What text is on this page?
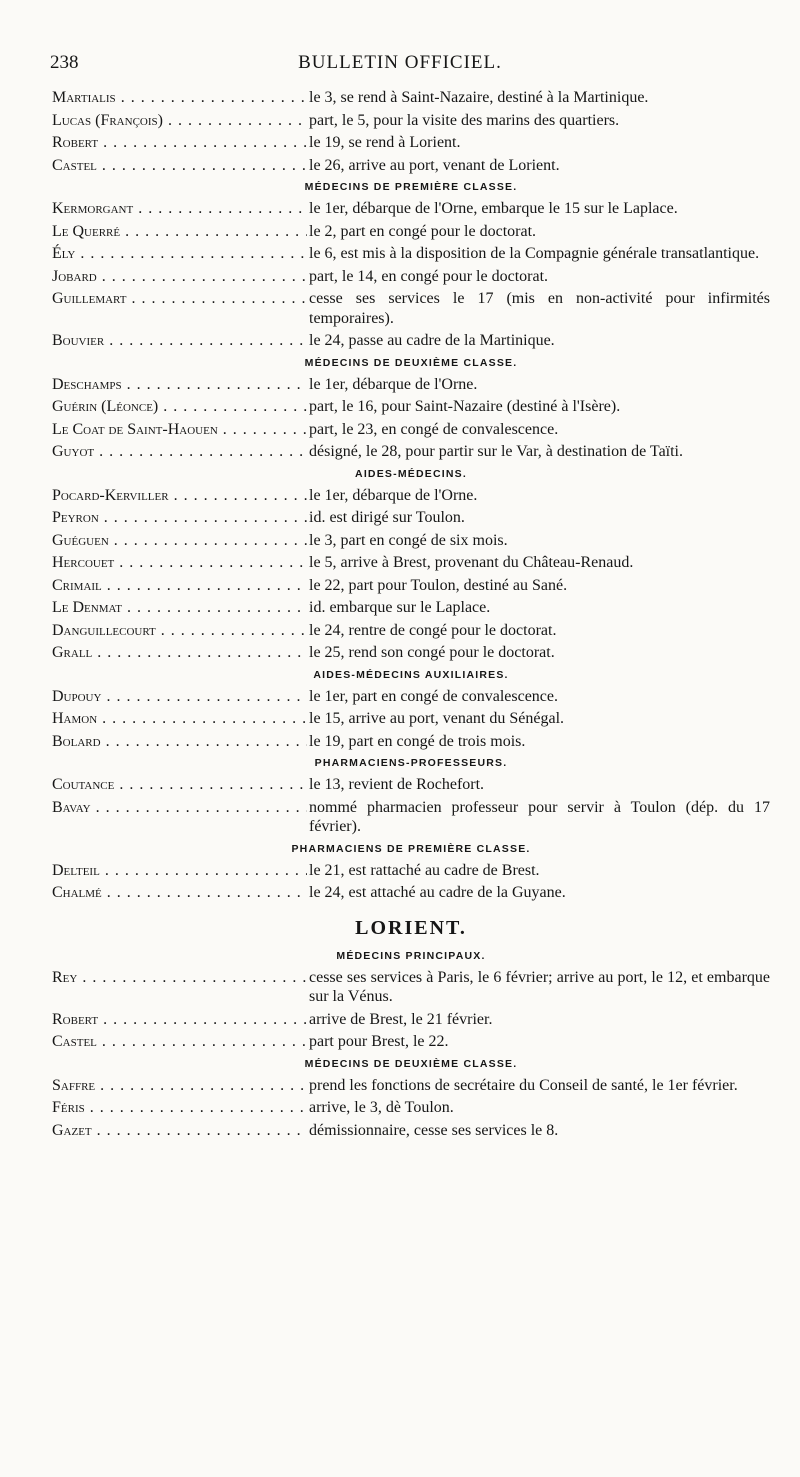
238	BULLETIN OFFICIEL.
Martialis . . .	le 3, se rend à Saint-Nazaire, destiné à la Martinique.
Lucas (François) . . .	part, le 5, pour la visite des marins des quartiers.
Robert . . .	le 19, se rend à Lorient.
Castel . . .	le 26, arrive au port, venant de Lorient.
MÉDECINS DE PREMIÈRE CLASSE.
Kermorgant . . .	le 1er, débarque de l'Orne, embarque le 15 sur le Laplace.
Le Querré . . .	le 2, part en congé pour le doctorat.
Ély . . .	le 6, est mis à la disposition de la Compagnie générale transatlantique.
Jobard . . .	part, le 14, en congé pour le doctorat.
Guillemart . . .	cesse ses services le 17 (mis en non-activité pour infirmités temporaires).
Bouvier . . .	le 24, passe au cadre de la Martinique.
MÉDECINS DE DEUXIÈME CLASSE.
Deschamps . . .	le 1er, débarque de l'Orne.
Guérin (Léonce) . . .	part, le 16, pour Saint-Nazaire (destiné à l'Isère).
Le Coat de Saint-Haouen . . .	part, le 23, en congé de convalescence.
Guyot . . .	désigné, le 28, pour partir sur le Var, à destination de Taïti.
AIDES-MÉDECINS.
Pocard-Kerviller . . .	le 1er, débarque de l'Orne.
Peyron . . .	id. est dirigé sur Toulon.
Guéguen . . .	le 3, part en congé de six mois.
Hercouet . . .	le 5, arrive à Brest, provenant du Château-Renaud.
Crimail . . .	le 22, part pour Toulon, destiné au Sané.
Le Denmat . . .	id. embarque sur le Laplace.
Danguillecourt . . .	le 24, rentre de congé pour le doctorat.
Grall . . .	le 25, rend son congé pour le doctorat.
AIDES-MÉDECINS AUXILIAIRES.
Dupouy . . .	le 1er, part en congé de convalescence.
Hamon . . .	le 15, arrive au port, venant du Sénégal.
Bolard . . .	le 19, part en congé de trois mois.
PHARMACIENS-PROFESSEURS.
Coutance . . .	le 13, revient de Rochefort.
Bavay . . .	nommé pharmacien professeur pour servir à Toulon (dép. du 17 février).
PHARMACIENS DE PREMIÈRE CLASSE.
Delteil . . .	le 21, est rattaché au cadre de Brest.
Chalmé . . .	le 24, est attaché au cadre de la Guyane.
LORIENT.
MÉDECINS PRINCIPAUX.
Rey . . .	cesse ses services à Paris, le 6 février; arrive au port, le 12, et embarque sur la Vénus.
Robert . . .	arrive de Brest, le 21 février.
Castel . . .	part pour Brest, le 22.
MÉDECINS DE DEUXIÈME CLASSE.
Saffre . . .	prend les fonctions de secrétaire du Conseil de santé, le 1er février.
Féris . . .	arrive, le 3, dè Toulon.
Gazet . . .	démissionnaire, cesse ses services le 8.
